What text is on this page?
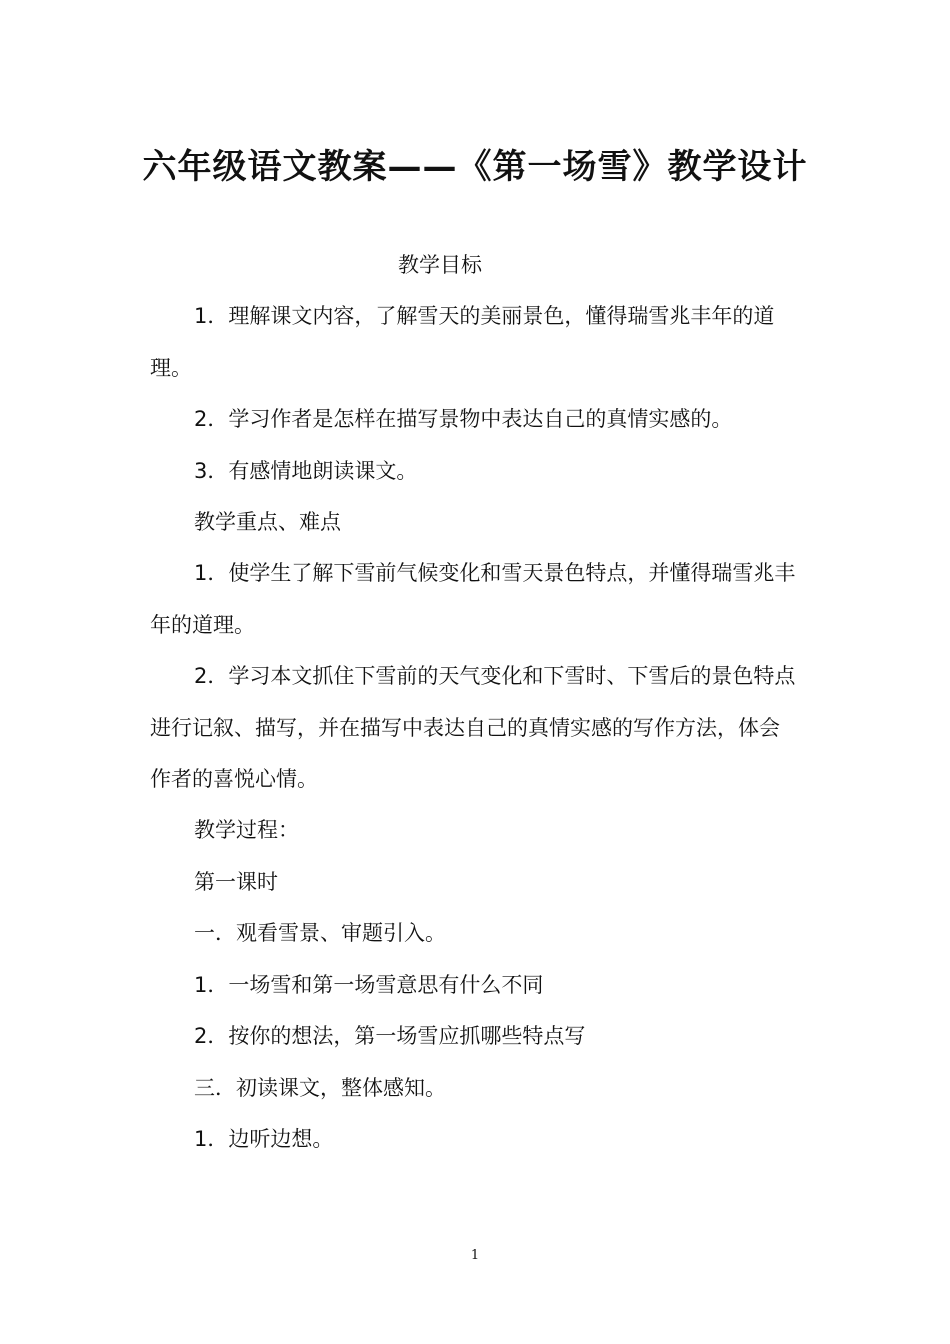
六年级语文教案——《第一场雪》教学设计

教学目标

1．理解课文内容，了解雪天的美丽景色，懂得瑞雪兆丰年的道理。

2．学习作者是怎样在描写景物中表达自己的真情实感的。

3．有感情地朗读课文。

教学重点、难点

1．使学生了解下雪前气候变化和雪天景色特点，并懂得瑞雪兆丰年的道理。

2．学习本文抓住下雪前的天气变化和下雪时、下雪后的景色特点进行记叙、描写，并在描写中表达自己的真情实感的写作方法，体会作者的喜悦心情。

教学过程：

第一课时

一．观看雪景、审题引入。

1．一场雪和第一场雪意思有什么不同

2．按你的想法，第一场雪应抓哪些特点写

三．初读课文，整体感知。

1．边听边想。

1
